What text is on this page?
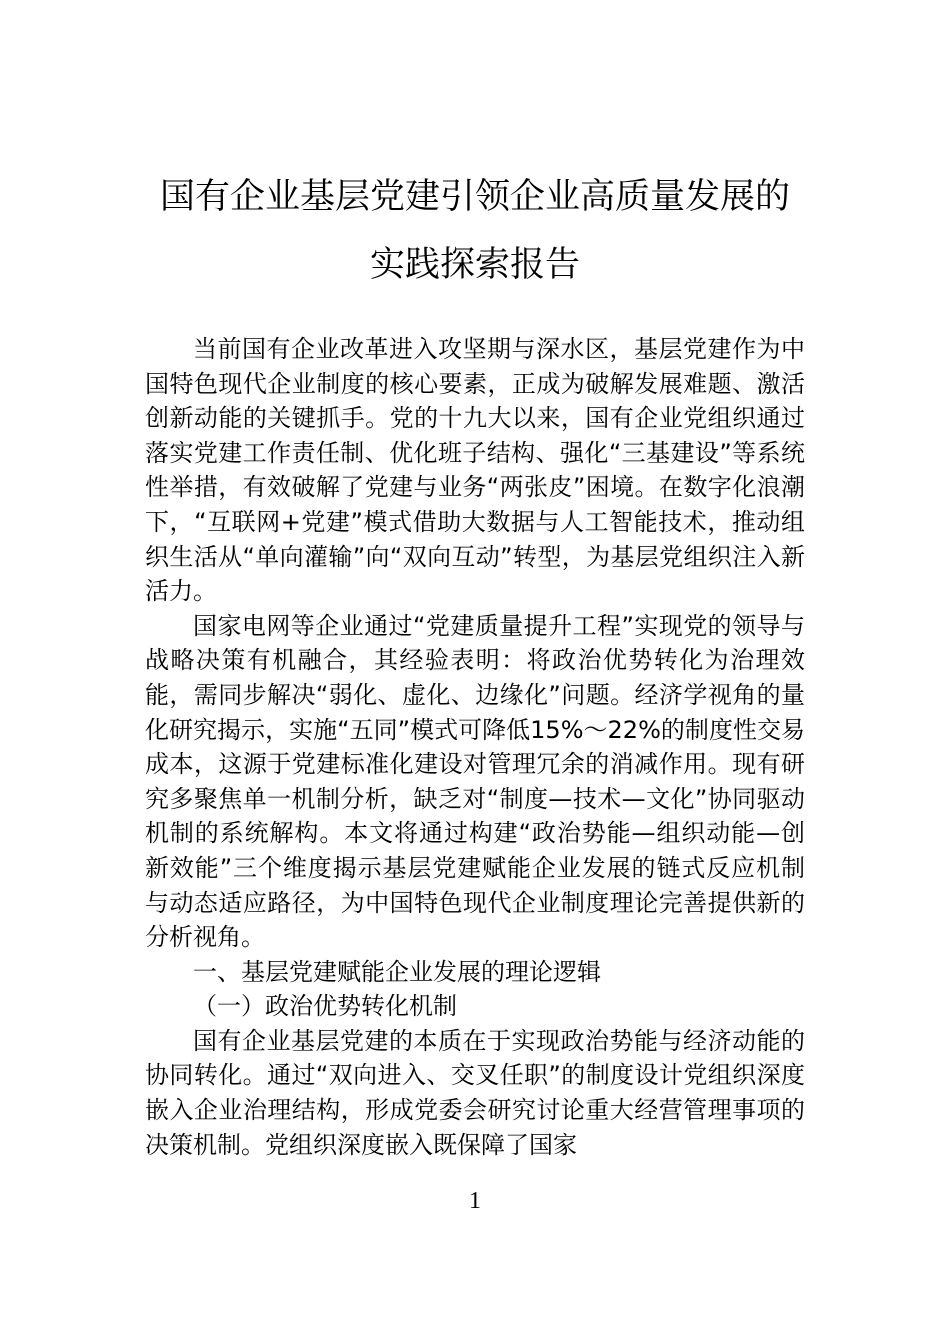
国有企业基层党建引领企业高质量发展的
实践探索报告

当前国有企业改革进入攻坚期与深水区，基层党建作为中国特色现代企业制度的核心要素，正成为破解发展难题、激活创新动能的关键抓手。党的十九大以来，国有企业党组织通过落实党建工作责任制、优化班子结构、强化“三基建设”等系统性举措，有效破解了党建与业务“两张皮”困境。在数字化浪潮下，“互联网+党建”模式借助大数据与人工智能技术，推动组织生活从“单向灌输”向“双向互动”转型，为基层党组织注入新活力。

国家电网等企业通过“党建质量提升工程”实现党的领导与战略决策有机融合，其经验表明：将政治优势转化为治理效能，需同步解决“弱化、虚化、边缘化”问题。经济学视角的量化研究揭示，实施“五同”模式可降低15%～22%的制度性交易成本，这源于党建标准化建设对管理冗余的消减作用。现有研究多聚焦单一机制分析，缺乏对“制度—技术—文化”协同驱动机制的系统解构。本文将通过构建“政治势能—组织动能—创新效能”三个维度揭示基层党建赋能企业发展的链式反应机制与动态适应路径，为中国特色现代企业制度理论完善提供新的分析视角。

一、基层党建赋能企业发展的理论逻辑

（一）政治优势转化机制

国有企业基层党建的本质在于实现政治势能与经济动能的协同转化。通过“双向进入、交叉任职”的制度设计党组织深度嵌入企业治理结构，形成党委会研究讨论重大经营管理事项的决策机制。党组织深度嵌入既保障了国家

1
